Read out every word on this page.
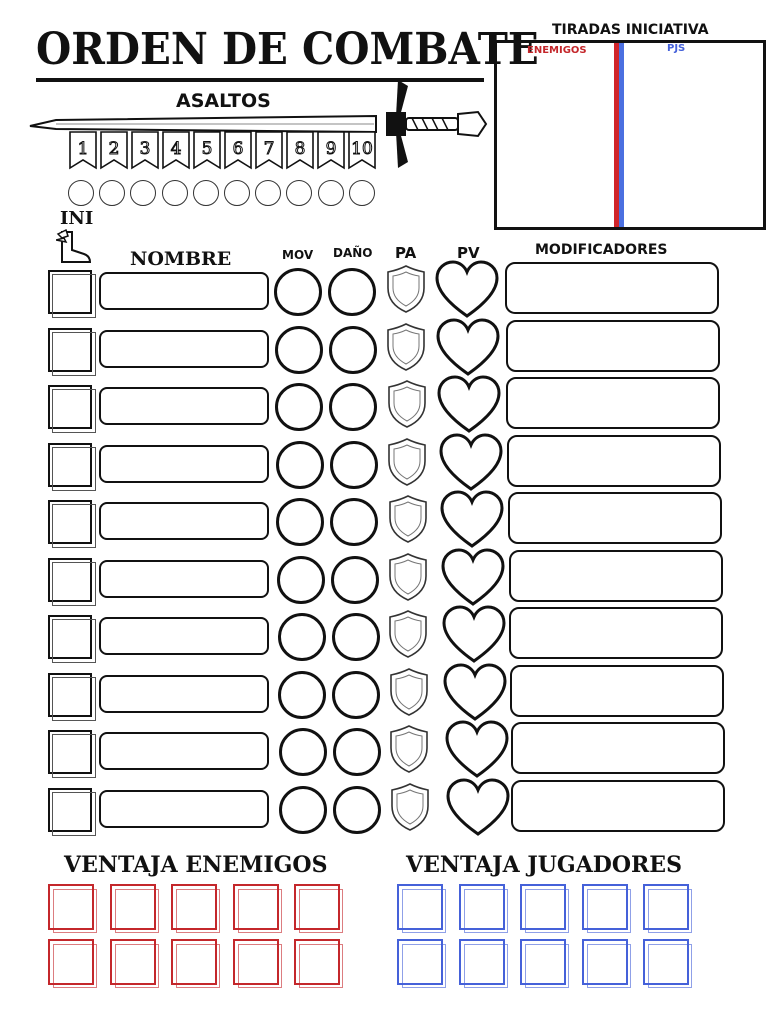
ORDEN DE COMBATE
ASALTOS
1 2 3 4 5 6 7 8 9 10
TIRADAS INICIATIVA
ENEMIGOS	PJS
INI
NOMBRE	MOV DAÑO PA	PV	MODIFICADORES
VENTAJA ENEMIGOS	VENTAJA JUGADORES
